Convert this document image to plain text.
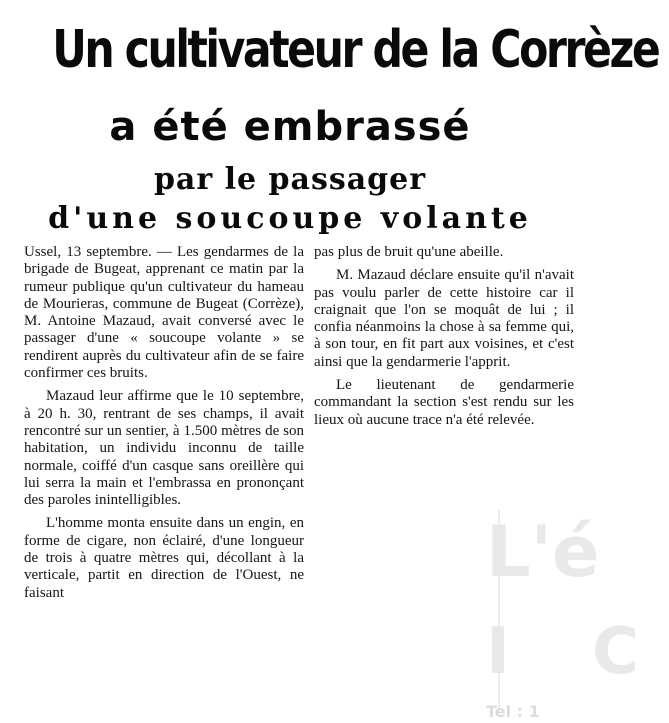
Un cultivateur de la Corrèze
a été embrassé
par le passager
d'une soucoupe volante

Ussel, 13 septembre. — Les gendarmes de la brigade de Bugeat, apprenant ce matin par la rumeur publique qu'un cultivateur du hameau de Mourieras, commune de Bugeat (Corrèze), M. Antoine Mazaud, avait conversé avec le passager d'une « soucoupe volante » se rendirent auprès du cultivateur afin de se faire confirmer ces bruits.

Mazaud leur affirme que le 10 septembre, à 20 h. 30, rentrant de ses champs, il avait rencontré sur un sentier, à 1.500 mètres de son habitation, un individu inconnu de taille normale, coiffé d'un casque sans oreillère qui lui serra la main et l'embrassa en prononçant des paroles inintelligibles.

L'homme monta ensuite dans un engin, en forme de cigare, non éclairé, d'une longueur de trois à quatre mètres qui, décollant à la verticale, partit en direction de l'Ouest, ne faisant

pas plus de bruit qu'une abeille.

M. Mazaud déclare ensuite qu'il n'avait pas voulu parler de cette histoire car il craignait que l'on se moquât de lui ; il confia néanmoins la chose à sa femme qui, à son tour, en fit part aux voisines, et c'est ainsi que la gendarmerie l'apprit.

Le lieutenant de gendarmerie commandant la section s'est rendu sur les lieux où aucune trace n'a été relevée.

L'é
I C
Tel : 1
